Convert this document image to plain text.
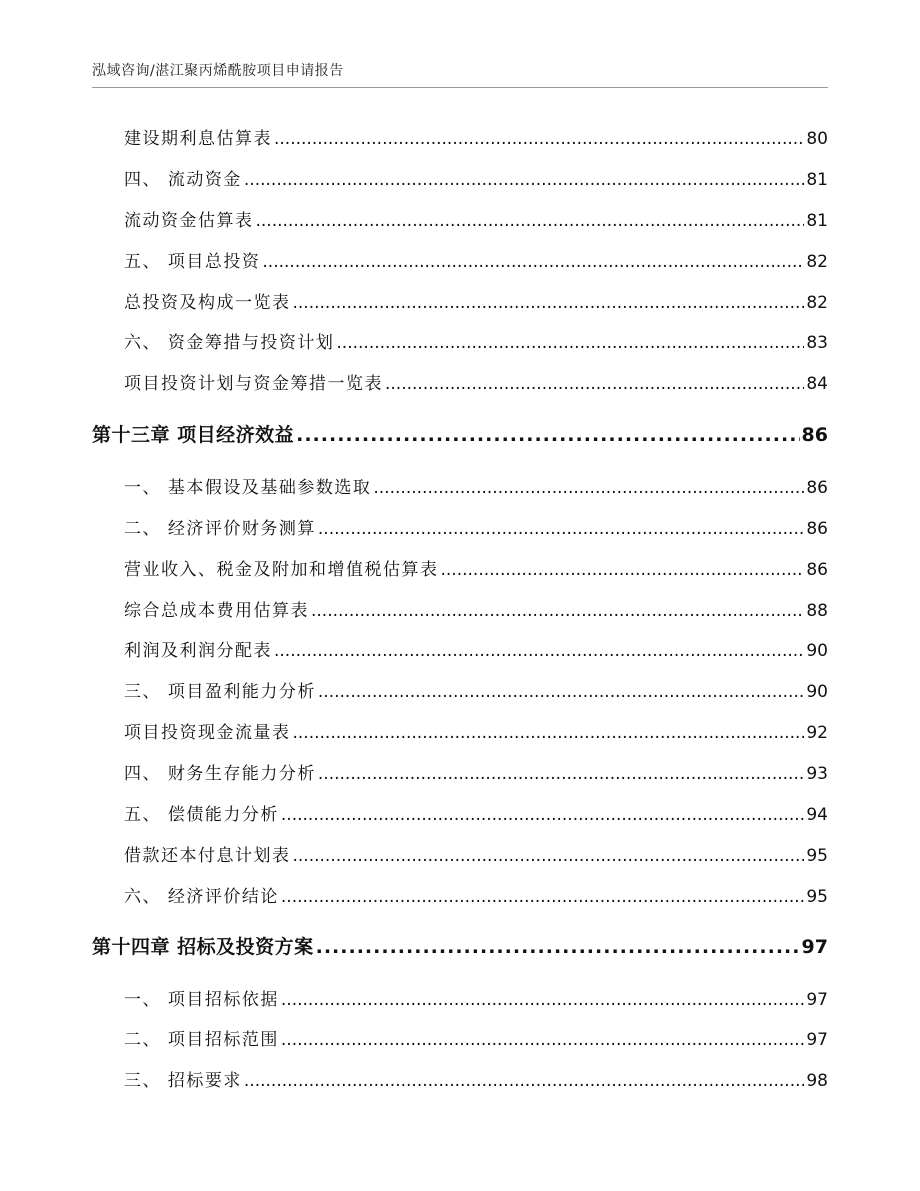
泓域咨询/湛江聚丙烯酰胺项目申请报告
建设期利息估算表 .....	80
四、 流动资金 .....	81
流动资金估算表 .....	81
五、 项目总投资 .....	82
总投资及构成一览表 .....	82
六、 资金筹措与投资计划 .....	83
项目投资计划与资金筹措一览表 .....	84
第十三章 项目经济效益 .....	86
一、 基本假设及基础参数选取 .....	86
二、 经济评价财务测算 .....	86
营业收入、税金及附加和增值税估算表 .....	86
综合总成本费用估算表 .....	88
利润及利润分配表 .....	90
三、 项目盈利能力分析 .....	90
项目投资现金流量表 .....	92
四、 财务生存能力分析 .....	93
五、 偿债能力分析 .....	94
借款还本付息计划表 .....	95
六、 经济评价结论 .....	95
第十四章 招标及投资方案 .....	97
一、 项目招标依据 .....	97
二、 项目招标范围 .....	97
三、 招标要求 .....	98
